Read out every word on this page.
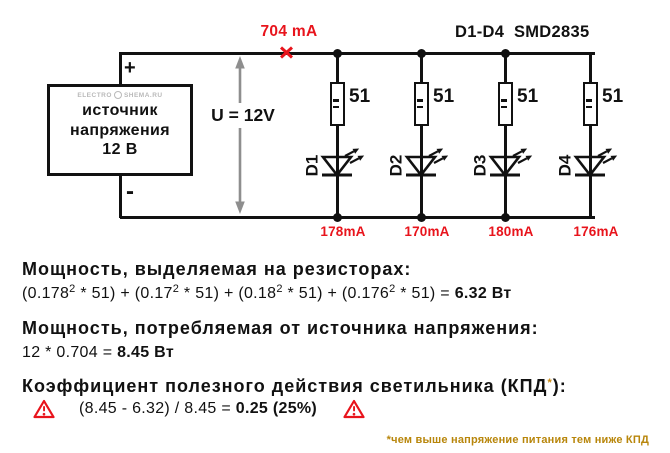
ELECTRO SHEMA.RU
источник
напряжения
12 В
+
-
U = 12V
704 mA	D1-D4  SMD2835
51
D1
178mA
51
D2
170mA
51
D3
180mA
51
D4
176mA
Мощность, выделяемая на резисторах:
$(0.178^2 * 51) + (0.17^2 * 51) + (0.18^2 * 51) + (0.176^2 * 51) = 6.32$ Вт
Мощность, потребляемая от источника напряжения:
12 * 0.704 = 8.45 Вт
Коэффициент полезного действия светильника (КПД*):
(8.45 - 6.32) / 8.45 = 0.25 (25%)
*чем выше напряжение питания тем ниже КПД
